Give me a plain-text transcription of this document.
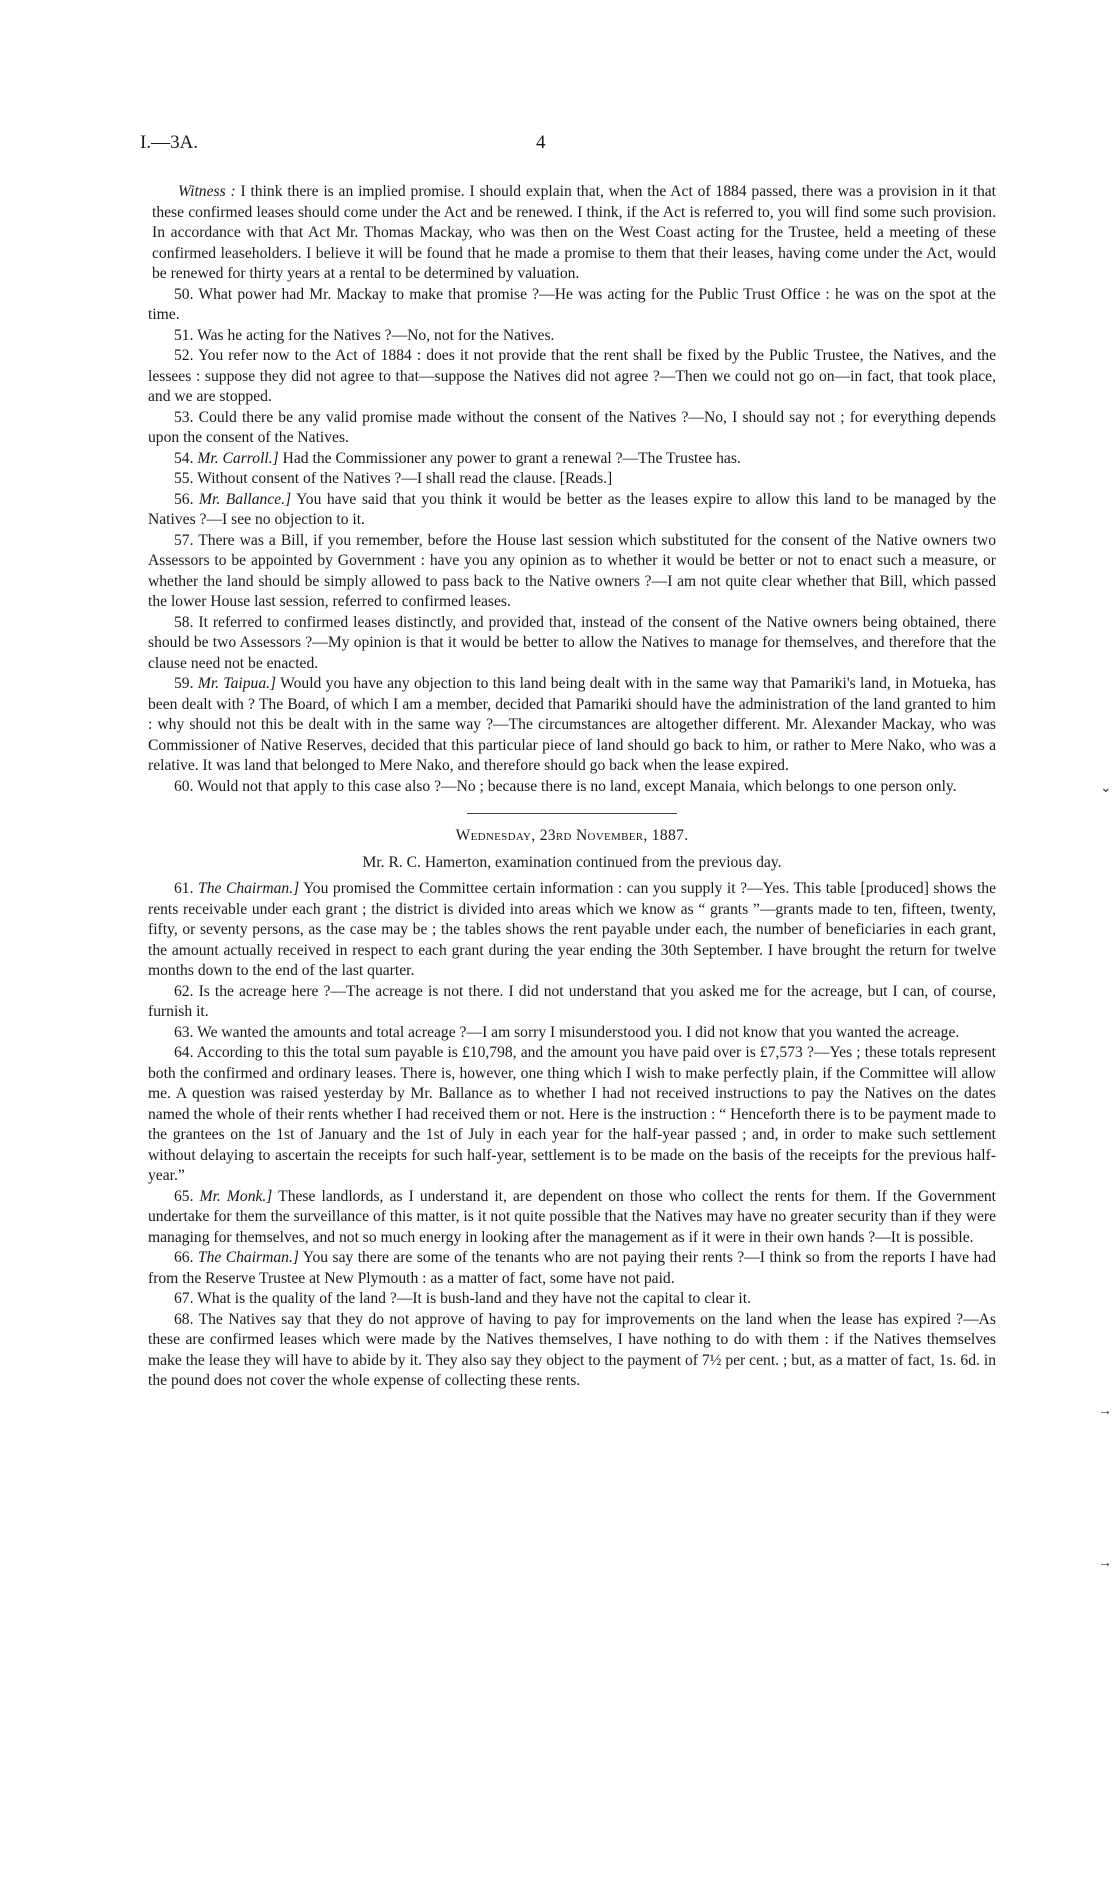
I.—3A.	4

Witness : I think there is an implied promise. I should explain that, when the Act of 1884 passed, there was a provision in it that these confirmed leases should come under the Act and be renewed. I think, if the Act is referred to, you will find some such provision. In accordance with that Act Mr. Thomas Mackay, who was then on the West Coast acting for the Trustee, held a meeting of these confirmed leaseholders. I believe it will be found that he made a promise to them that their leases, having come under the Act, would be renewed for thirty years at a rental to be determined by valuation.

50. What power had Mr. Mackay to make that promise ?—He was acting for the Public Trust Office : he was on the spot at the time.

51. Was he acting for the Natives ?—No, not for the Natives.

52. You refer now to the Act of 1884 : does it not provide that the rent shall be fixed by the Public Trustee, the Natives, and the lessees : suppose they did not agree to that—suppose the Natives did not agree ?—Then we could not go on—in fact, that took place, and we are stopped.

53. Could there be any valid promise made without the consent of the Natives ?—No, I should say not ; for everything depends upon the consent of the Natives.

54. Mr. Carroll.] Had the Commissioner any power to grant a renewal ?—The Trustee has.

55. Without consent of the Natives ?—I shall read the clause. [Reads.]

56. Mr. Ballance.] You have said that you think it would be better as the leases expire to allow this land to be managed by the Natives ?—I see no objection to it.

57. There was a Bill, if you remember, before the House last session which substituted for the consent of the Native owners two Assessors to be appointed by Government : have you any opinion as to whether it would be better or not to enact such a measure, or whether the land should be simply allowed to pass back to the Native owners ?—I am not quite clear whether that Bill, which passed the lower House last session, referred to confirmed leases.

58. It referred to confirmed leases distinctly, and provided that, instead of the consent of the Native owners being obtained, there should be two Assessors ?—My opinion is that it would be better to allow the Natives to manage for themselves, and therefore that the clause need not be enacted.

59. Mr. Taipua.] Would you have any objection to this land being dealt with in the same way that Pamariki's land, in Motueka, has been dealt with ? The Board, of which I am a member, decided that Pamariki should have the administration of the land granted to him : why should not this be dealt with in the same way ?—The circumstances are altogether different. Mr. Alexander Mackay, who was Commissioner of Native Reserves, decided that this particular piece of land should go back to him, or rather to Mere Nako, who was a relative. It was land that belonged to Mere Nako, and therefore should go back when the lease expired.

60. Would not that apply to this case also ?—No ; because there is no land, except Manaia, which belongs to one person only.

Wednesday, 23rd November, 1887.
Mr. R. C. Hamerton, examination continued from the previous day.

61. The Chairman.] You promised the Committee certain information : can you supply it ?—Yes. This table [produced] shows the rents receivable under each grant ; the district is divided into areas which we know as “ grants ”—grants made to ten, fifteen, twenty, fifty, or seventy persons, as the case may be ; the tables shows the rent payable under each, the number of beneficiaries in each grant, the amount actually received in respect to each grant during the year ending the 30th September. I have brought the return for twelve months down to the end of the last quarter.

62. Is the acreage here ?—The acreage is not there. I did not understand that you asked me for the acreage, but I can, of course, furnish it.

63. We wanted the amounts and total acreage ?—I am sorry I misunderstood you. I did not know that you wanted the acreage.

64. According to this the total sum payable is £10,798, and the amount you have paid over is £7,573 ?—Yes ; these totals represent both the confirmed and ordinary leases. There is, however, one thing which I wish to make perfectly plain, if the Committee will allow me. A question was raised yesterday by Mr. Ballance as to whether I had not received instructions to pay the Natives on the dates named the whole of their rents whether I had received them or not. Here is the instruction : “ Henceforth there is to be payment made to the grantees on the 1st of January and the 1st of July in each year for the half-year passed ; and, in order to make such settlement without delaying to ascertain the receipts for such half-year, settlement is to be made on the basis of the receipts for the previous half-year.”

65. Mr. Monk.] These landlords, as I understand it, are dependent on those who collect the rents for them. If the Government undertake for them the surveillance of this matter, is it not quite possible that the Natives may have no greater security than if they were managing for themselves, and not so much energy in looking after the management as if it were in their own hands ?—It is possible.

66. The Chairman.] You say there are some of the tenants who are not paying their rents ?—I think so from the reports I have had from the Reserve Trustee at New Plymouth : as a matter of fact, some have not paid.

67. What is the quality of the land ?—It is bush-land and they have not the capital to clear it.

68. The Natives say that they do not approve of having to pay for improvements on the land when the lease has expired ?—As these are confirmed leases which were made by the Natives themselves, I have nothing to do with them : if the Natives themselves make the lease they will have to abide by it. They also say they object to the payment of 7½ per cent. ; but, as a matter of fact, 1s. 6d. in the pound does not cover the whole expense of collecting these rents.

⌄
→
→
